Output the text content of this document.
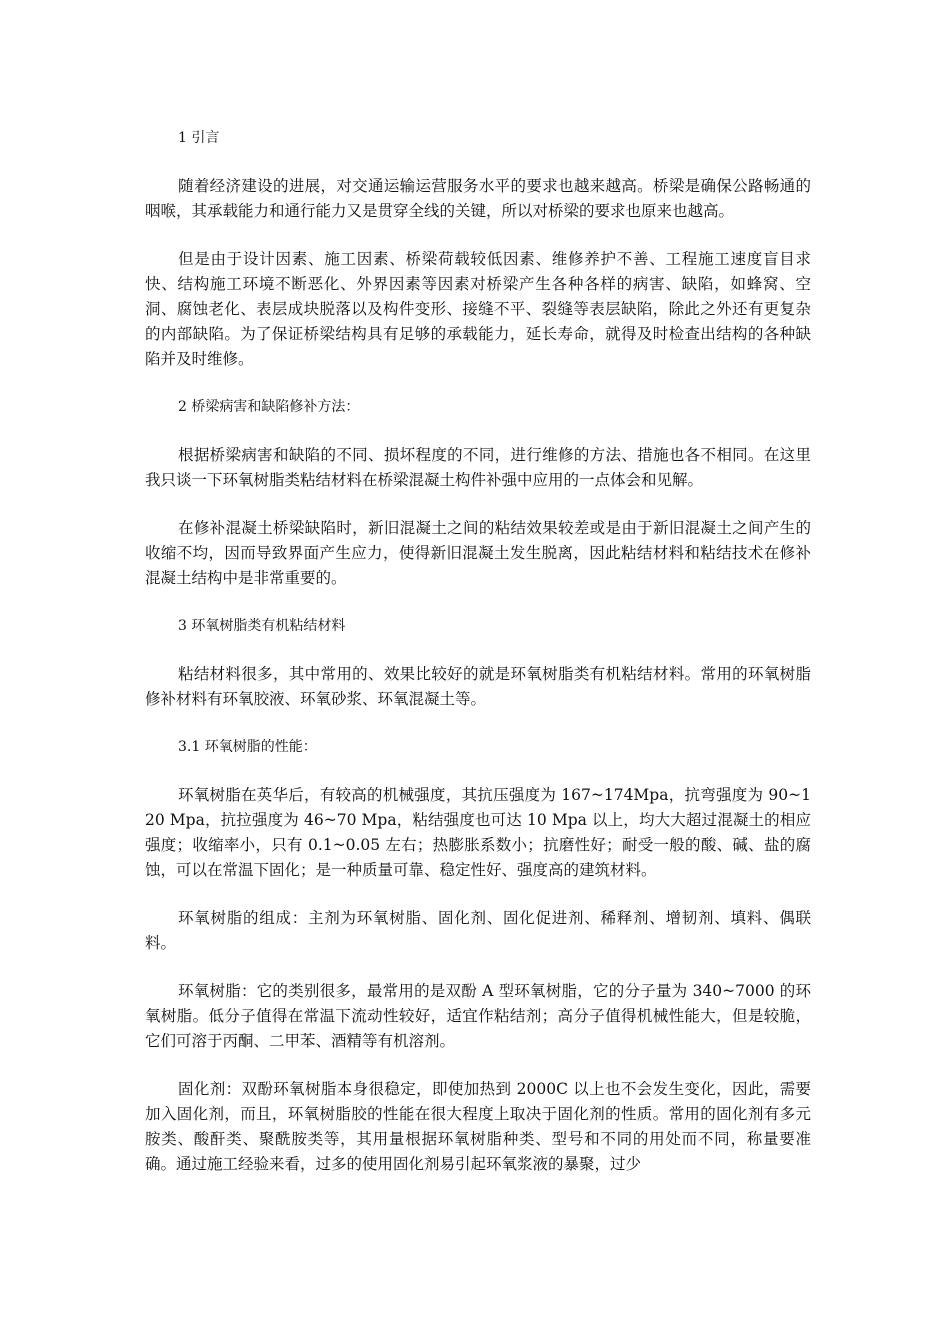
1 引言

随着经济建设的进展，对交通运输运营服务水平的要求也越来越高。桥梁是确保公路畅通的咽喉，其承载能力和通行能力又是贯穿全线的关键，所以对桥梁的要求也原来也越高。

但是由于设计因素、施工因素、桥梁荷载较低因素、维修养护不善、工程施工速度盲目求快、结构施工环境不断恶化、外界因素等因素对桥梁产生各种各样的病害、缺陷，如蜂窝、空洞、腐蚀老化、表层成块脱落以及构件变形、接缝不平、裂缝等表层缺陷，除此之外还有更复杂的内部缺陷。为了保证桥梁结构具有足够的承载能力，延长寿命，就得及时检查出结构的各种缺陷并及时维修。

2 桥梁病害和缺陷修补方法：

根据桥梁病害和缺陷的不同、损坏程度的不同，进行维修的方法、措施也各不相同。在这里我只谈一下环氧树脂类粘结材料在桥梁混凝土构件补强中应用的一点体会和见解。

在修补混凝土桥梁缺陷时，新旧混凝土之间的粘结效果较差或是由于新旧混凝土之间产生的收缩不均，因而导致界面产生应力，使得新旧混凝土发生脱离，因此粘结材料和粘结技术在修补混凝土结构中是非常重要的。

3 环氧树脂类有机粘结材料

粘结材料很多，其中常用的、效果比较好的就是环氧树脂类有机粘结材料。常用的环氧树脂修补材料有环氧胶液、环氧砂浆、环氧混凝土等。

3.1 环氧树脂的性能：

环氧树脂在英华后，有较高的机械强度，其抗压强度为 167~174Mpa，抗弯强度为 90~120 Mpa，抗拉强度为 46~70 Mpa，粘结强度也可达 10 Mpa 以上，均大大超过混凝土的相应强度；收缩率小，只有 0.1~0.05 左右；热膨胀系数小；抗磨性好；耐受一般的酸、碱、盐的腐蚀，可以在常温下固化；是一种质量可靠、稳定性好、强度高的建筑材料。

环氧树脂的组成：主剂为环氧树脂、固化剂、固化促进剂、稀释剂、增韧剂、填料、偶联料。

环氧树脂：它的类别很多，最常用的是双酚 A 型环氧树脂，它的分子量为 340~7000 的环氧树脂。低分子值得在常温下流动性较好，适宜作粘结剂；高分子值得机械性能大，但是较脆，它们可溶于丙酮、二甲苯、酒精等有机溶剂。

固化剂：双酚环氧树脂本身很稳定，即使加热到 2000C 以上也不会发生变化，因此，需要加入固化剂，而且，环氧树脂胶的性能在很大程度上取决于固化剂的性质。常用的固化剂有多元胺类、酸酐类、聚酰胺类等，其用量根据环氧树脂种类、型号和不同的用处而不同，称量要准确。通过施工经验来看，过多的使用固化剂易引起环氧浆液的暴聚，过少
